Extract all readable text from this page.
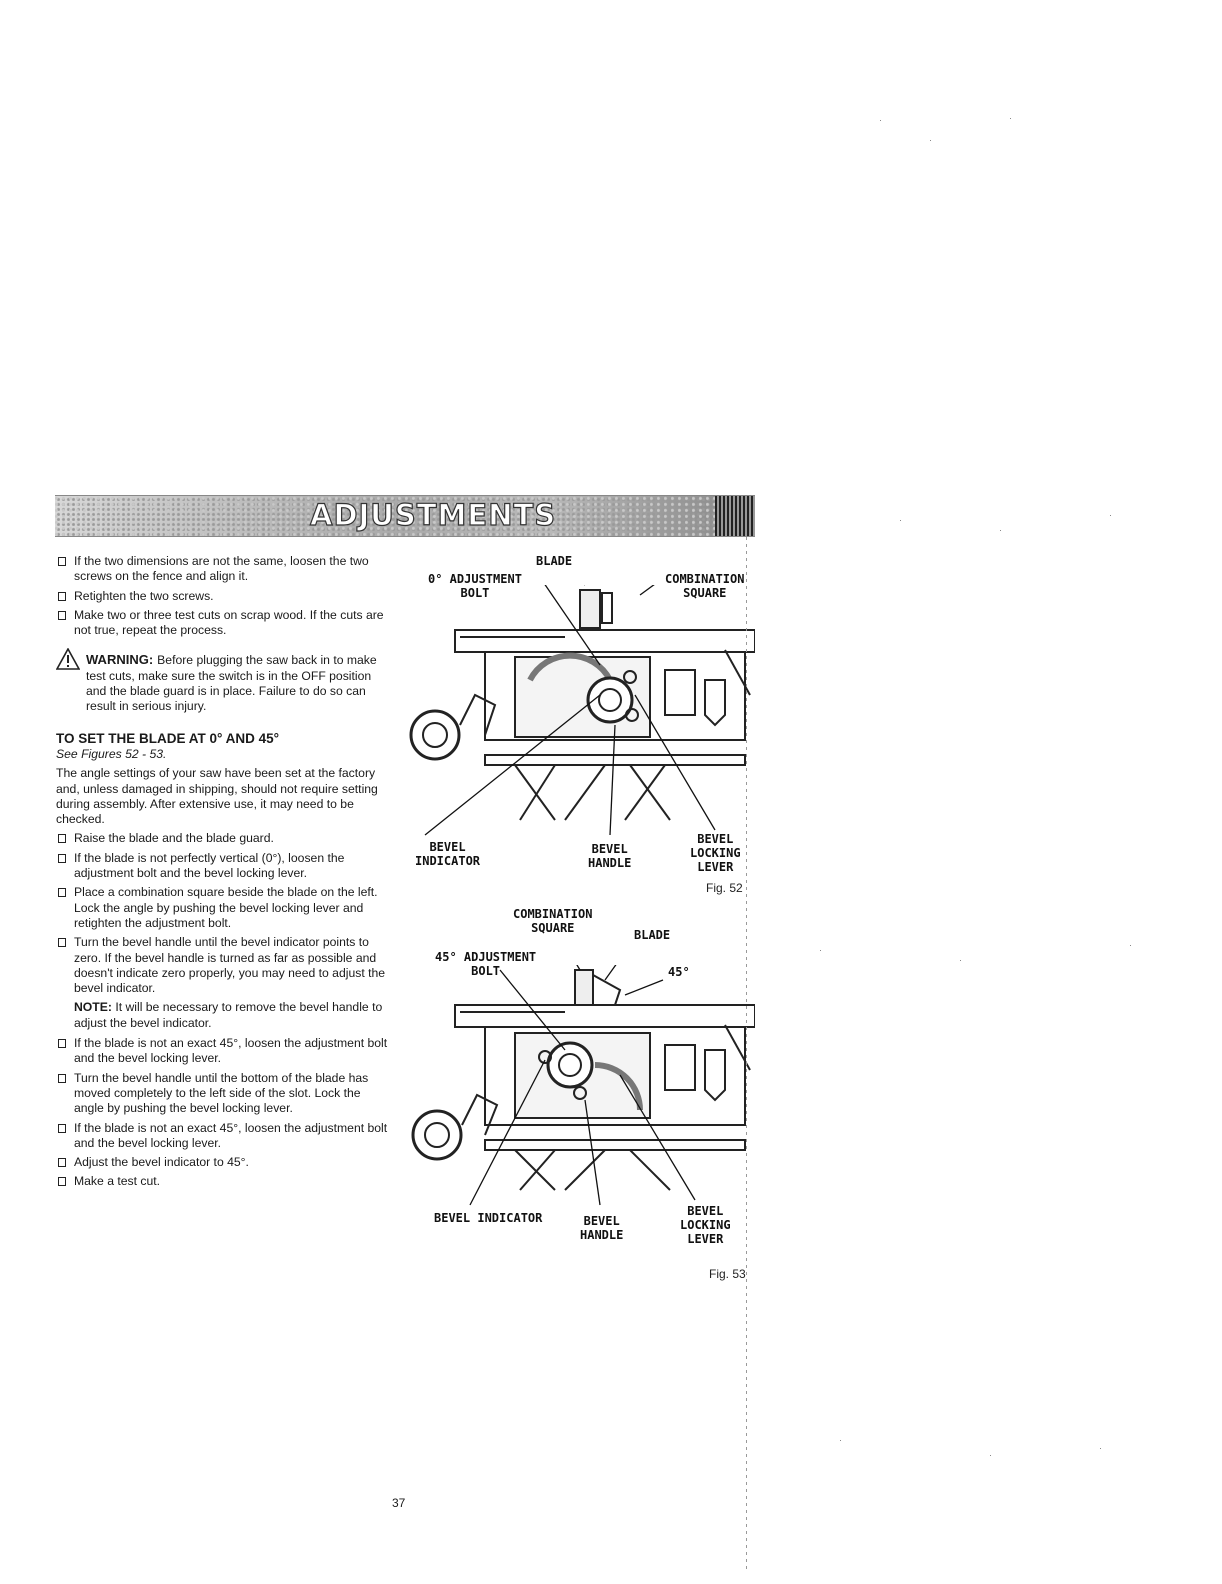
ADJUSTMENTS
If the two dimensions are not the same, loosen the two screws on the fence and align it.
Retighten the two screws.
Make two or three test cuts on scrap wood. If the cuts are not true, repeat the process.
WARNING: Before plugging the saw back in to make test cuts, make sure the switch is in the OFF position and the blade guard is in place. Failure to do so can result in serious injury.
TO SET THE BLADE AT 0° AND 45°
See Figures 52 - 53.
The angle settings of your saw have been set at the factory and, unless damaged in shipping, should not require setting during assembly. After extensive use, it may need to be checked.
Raise the blade and the blade guard.
If the blade is not perfectly vertical (0°), loosen the adjustment bolt and the bevel locking lever.
Place a combination square beside the blade on the left. Lock the angle by pushing the bevel locking lever and retighten the adjustment bolt.
Turn the bevel handle until the bevel indicator points to zero. If the bevel handle is turned as far as possible and doesn't indicate zero properly, you may need to adjust the bevel indicator.
NOTE: It will be necessary to remove the bevel handle to adjust the bevel indicator.
If the blade is not an exact 45°, loosen the adjustment bolt and the bevel locking lever.
Turn the bevel handle until the bottom of the blade has moved completely to the left side of the slot. Lock the angle by pushing the bevel locking lever.
If the blade is not an exact 45°, loosen the adjustment bolt and the bevel locking lever.
Adjust the bevel indicator to 45°.
Make a test cut.
BLADE
0° ADJUSTMENT
BOLT
COMBINATION
SQUARE
BEVEL
INDICATOR
BEVEL
HANDLE
BEVEL
LOCKING
LEVER
Fig. 52
COMBINATION
SQUARE	BLADE
45° ADJUSTMENT
BOLT	45°
BEVEL INDICATOR	BEVEL
HANDLE
BEVEL
LOCKING
LEVER
Fig. 53
37
